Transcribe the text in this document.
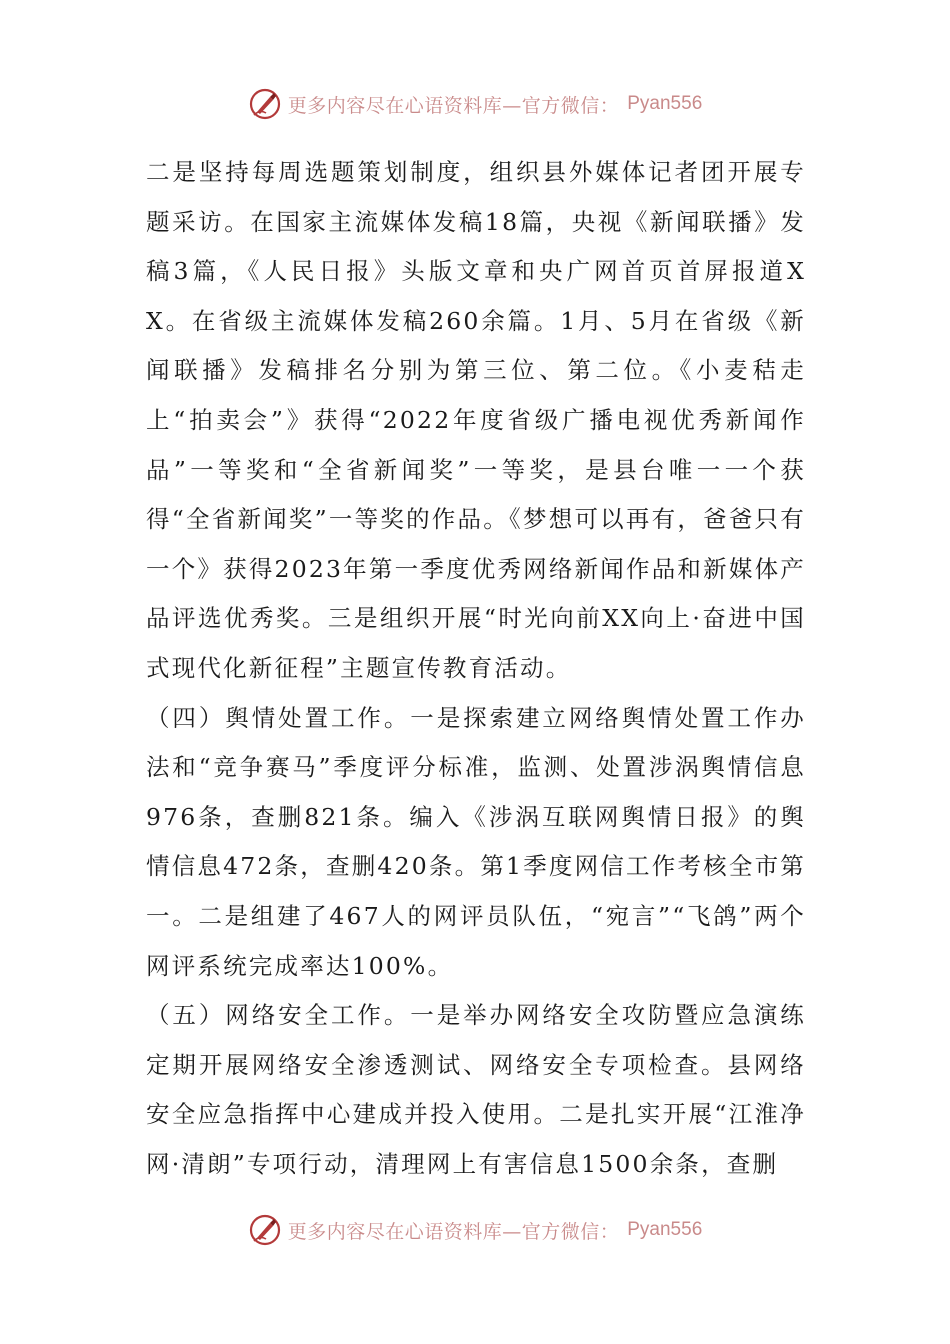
更多内容尽在心语资料库—官方微信： Pyan556

二是坚持每周选题策划制度，组织县外媒体记者团开展专题采访。在国家主流媒体发稿18篇，央视《新闻联播》发稿3篇，《人民日报》头版文章和央广网首页首屏报道XX。在省级主流媒体发稿260余篇。1月、5月在省级《新闻联播》发稿排名分别为第三位、第二位。《小麦秸走上“拍卖会”》获得“2022年度省级广播电视优秀新闻作品”一等奖和“全省新闻奖”一等奖，是县台唯一一个获得“全省新闻奖”一等奖的作品。《梦想可以再有，爸爸只有一个》获得2023年第一季度优秀网络新闻作品和新媒体产品评选优秀奖。三是组织开展“时光向前XX向上·奋进中国式现代化新征程”主题宣传教育活动。

（四）舆情处置工作。一是探索建立网络舆情处置工作办法和“竞争赛马”季度评分标准，监测、处置涉涡舆情信息976条，查删821条。编入《涉涡互联网舆情日报》的舆情信息472条，查删420条。第1季度网信工作考核全市第一。二是组建了467人的网评员队伍，“宛言”“飞鸽”两个网评系统完成率达100%。

（五）网络安全工作。一是举办网络安全攻防暨应急演练定期开展网络安全渗透测试、网络安全专项检查。县网络安全应急指挥中心建成并投入使用。二是扎实开展“江淮净网·清朗”专项行动，清理网上有害信息1500余条，查删

更多内容尽在心语资料库—官方微信： Pyan556
